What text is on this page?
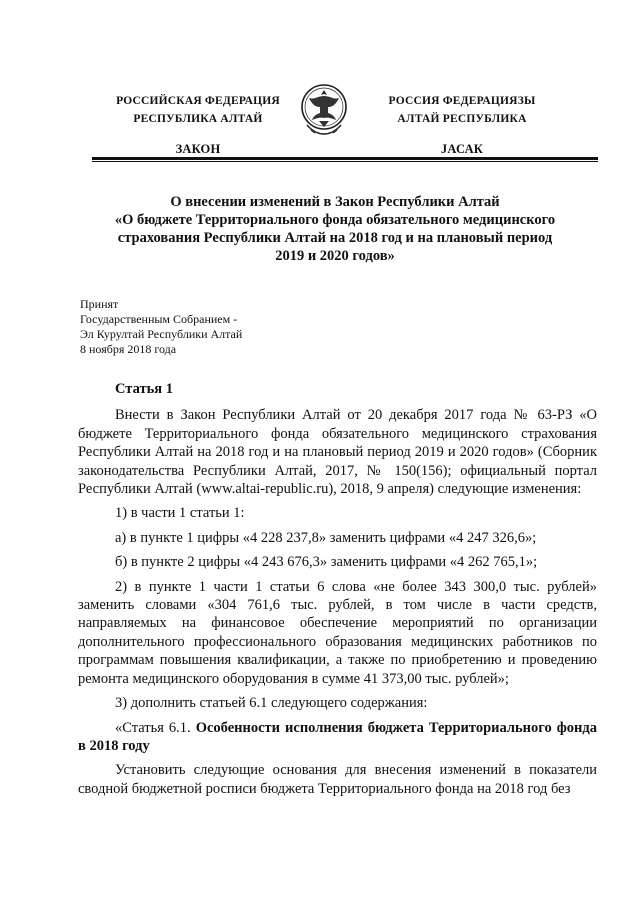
РОССИЙСКАЯ ФЕДЕРАЦИЯ
РЕСПУБЛИКА АЛТАЙ
ЗАКОН
РОССИЯ ФЕДЕРАЦИЯЗЫ
АЛТАЙ РЕСПУБЛИКА
ЈАСАК
О внесении изменений в Закон Республики Алтай
«О бюджете Территориального фонда обязательного медицинского
страхования Республики Алтай на 2018 год и на плановый период
2019 и 2020 годов»
Принят
Государственным Собранием -
Эл Курултай Республики Алтай
8 ноября 2018 года

Статья 1

Внести в Закон Республики Алтай от 20 декабря 2017 года № 63-РЗ «О бюджете Территориального фонда обязательного медицинского страхования Республики Алтай на 2018 год и на плановый период 2019 и 2020 годов» (Сборник законодательства Республики Алтай, 2017, № 150(156); официальный портал Республики Алтай (www.altai-republic.ru), 2018, 9 апреля) следующие изменения:

1) в части 1 статьи 1:

а) в пункте 1 цифры «4 228 237,8» заменить цифрами «4 247 326,6»;

б) в пункте 2 цифры «4 243 676,3» заменить цифрами «4 262 765,1»;

2) в пункте 1 части 1 статьи 6 слова «не более 343 300,0 тыс. рублей» заменить словами «304 761,6 тыс. рублей, в том числе в части средств, направляемых на финансовое обеспечение мероприятий по организации дополнительного профессионального образования медицинских работников по программам повышения квалификации, а также по приобретению и проведению ремонта медицинского оборудования в сумме 41 373,00 тыс. рублей»;

3) дополнить статьей 6.1 следующего содержания:

«Статья 6.1. Особенности исполнения бюджета Территориального фонда в 2018 году

Установить следующие основания для внесения изменений в показатели сводной бюджетной росписи бюджета Территориального фонда на 2018 год без
